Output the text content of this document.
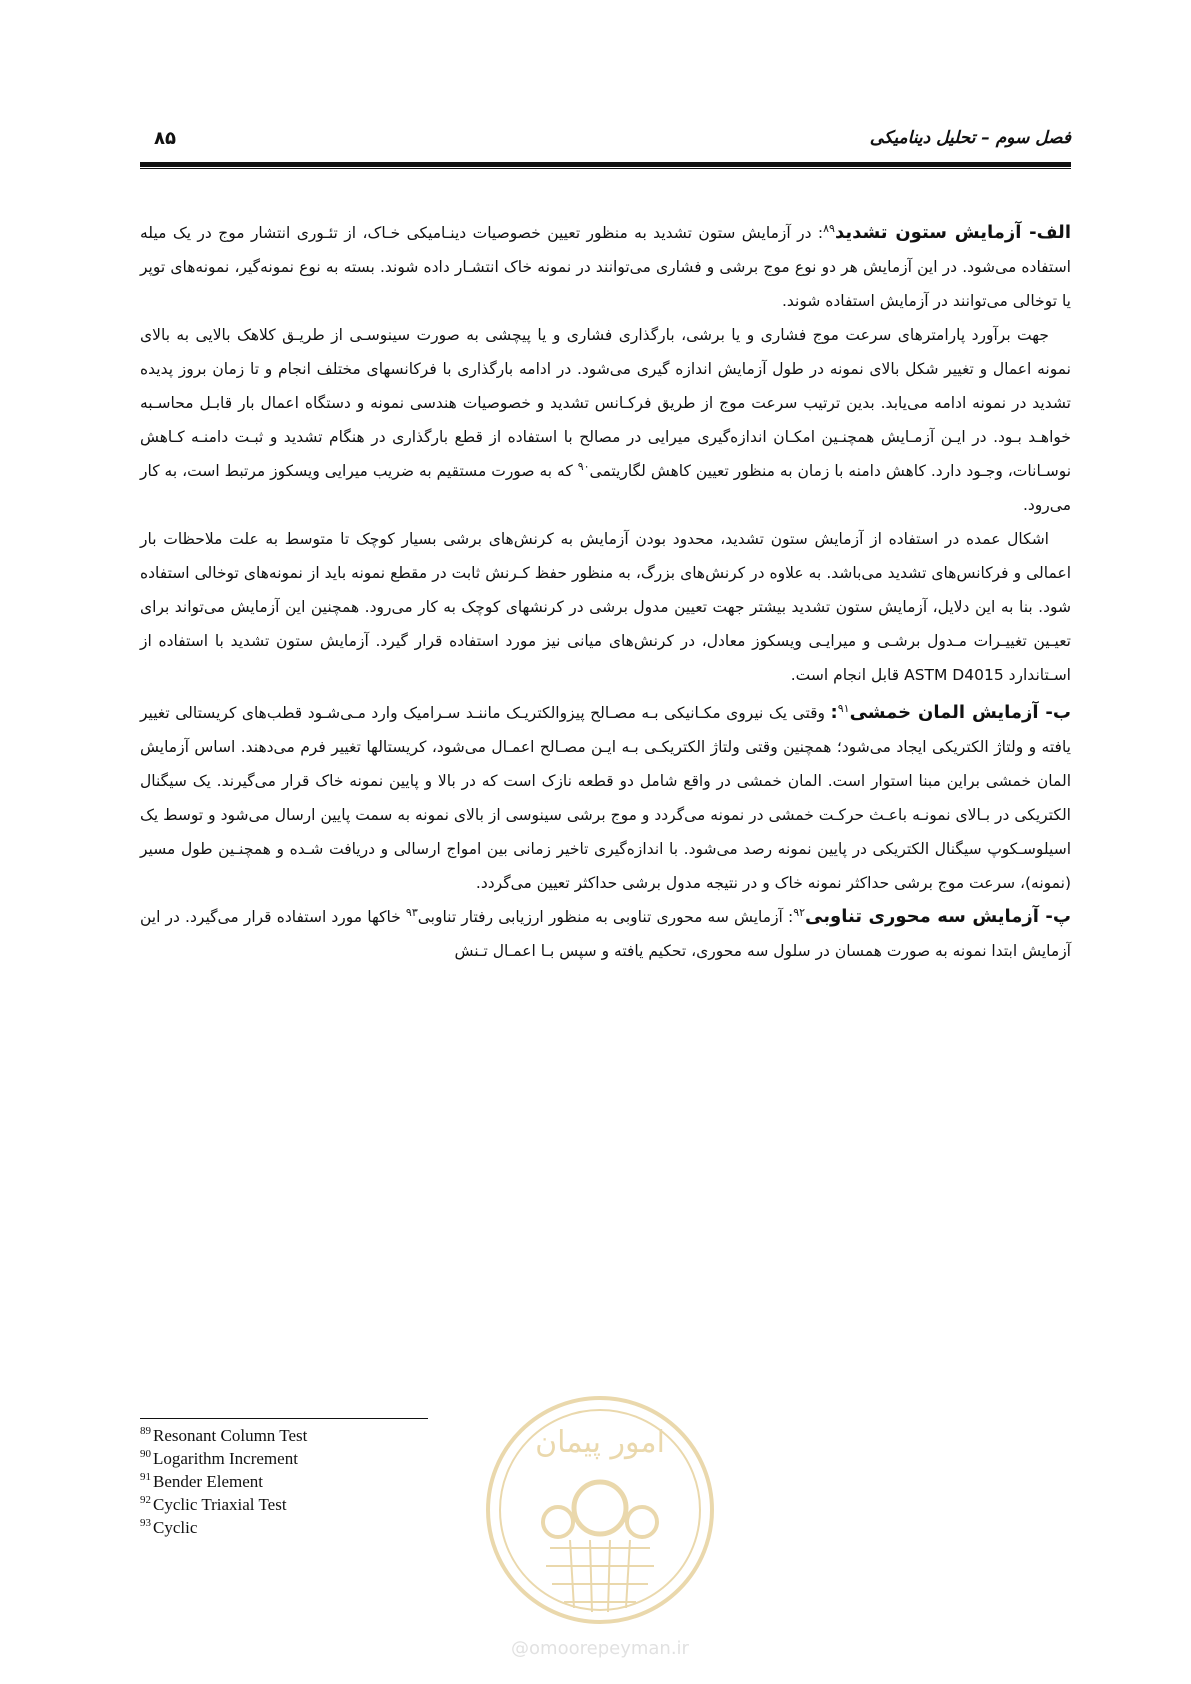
فصل سوم – تحلیل دینامیکی
۸۵

الف- آزمایش ستون تشدید$^{۸۹}$: در آزمایش ستون تشدید به منظور تعیین خصوصیات دینـامیکی خـاک، از تئـوری انتشار موج در یک میله استفاده می‌شود. در این آزمایش هر دو نوع موج برشی و فشاری می‌توانند در نمونه خاک انتشـار داده شوند. بسته به نوع نمونه‌گیر، نمونه‌های توپر یا توخالی می‌توانند در آزمایش استفاده شوند.

جهت برآورد پارامترهای سرعت موج فشاری و یا برشی، بارگذاری فشاری و یا پیچشی به صورت سینوسـی از طریـق کلاهک بالایی به بالای نمونه اعمال و تغییر شکل بالای نمونه در طول آزمایش اندازه گیری می‌شود. در ادامه بارگذاری با فرکانسهای مختلف انجام و تا زمان بروز پدیده تشدید در نمونه ادامه می‌یابد. بدین ترتیب سرعت موج از طریق فرکـانس تشدید و خصوصیات هندسی نمونه و دستگاه اعمال بار قابـل محاسـبه خواهـد بـود. در ایـن آزمـایش همچنـین امکـان اندازه‌گیری میرایی در مصالح با استفاده از قطع بارگذاری در هنگام تشدید و ثبـت دامنـه کـاهش نوسـانات، وجـود دارد. کاهش دامنه با زمان به منظور تعیین کاهش لگاریتمی$^{۹۰}$ که به صورت مستقیم به ضریب میرایی ویسکوز مرتبط است، به کار می‌رود.

اشکال عمده در استفاده از آزمایش ستون تشدید، محدود بودن آزمایش به کرنش‌های برشی بسیار کوچک تا متوسط به علت ملاحظات بار اعمالی و فرکانس‌های تشدید می‌باشد. به علاوه در کرنش‌های بزرگ، به منظور حفظ کـرنش ثابت در مقطع نمونه باید از نمونه‌های توخالی استفاده شود. بنا به این دلایل، آزمایش ستون تشدید بیشتر جهت تعیین مدول برشی در کرنشهای کوچک به کار می‌رود. همچنین این آزمایش می‌تواند برای تعیـین تغییـرات مـدول برشـی و میرایـی ویسکوز معادل، در کرنش‌های میانی نیز مورد استفاده قرار گیرد. آزمایش ستون تشدید با استفاده از اسـتاندارد ASTM D4015 قابل انجام است.

ب- آزمایش المان خمشی$^{۹۱}$: وقتی یک نیروی مکـانیکی بـه مصـالح پیزوالکتریـک ماننـد سـرامیک وارد مـی‌شـود قطب‌های کریستالی تغییر یافته و ولتاژ الکتریکی ایجاد می‌شود؛ همچنین وقتی ولتاژ الکتریکـی بـه ایـن مصـالح اعمـال می‌شود، کریستالها تغییر فرم می‌دهند. اساس آزمایش المان خمشی براین مبنا استوار است. المان خمشی در واقع شامل دو قطعه نازک است که در بالا و پایین نمونه خاک قرار می‌گیرند. یک سیگنال الکتریکی در بـالای نمونـه باعـث حرکـت خمشی در نمونه می‌گردد و موج برشی سینوسی از بالای نمونه به سمت پایین ارسال می‌شود و توسط یک اسیلوسـکوپ سیگنال الکتریکی در پایین نمونه رصد می‌شود. با اندازه‌گیری تاخیر زمانی بین امواج ارسالی و دریافت شـده و همچنـین طول مسیر (نمونه)، سرعت موج برشی حداکثر نمونه خاک و در نتیجه مدول برشی حداکثر تعیین می‌گردد.

پ- آزمایش سه محوری تناوبی$^{۹۲}$: آزمایش سه محوری تناوبی به منظور ارزیابی رفتار تناوبی$^{۹۳}$ خاکها مورد استفاده قرار می‌گیرد. در این آزمایش ابتدا نمونه به صورت همسان در سلول سه محوری، تحکیم یافته و سپس بـا اعمـال تـنش

$^{89}$ Resonant Column Test
$^{90}$ Logarithm Increment
$^{91}$ Bender Element
$^{92}$ Cyclic Triaxial Test
$^{93}$ Cyclic
امور پیمان
@omoorepeyman.ir
